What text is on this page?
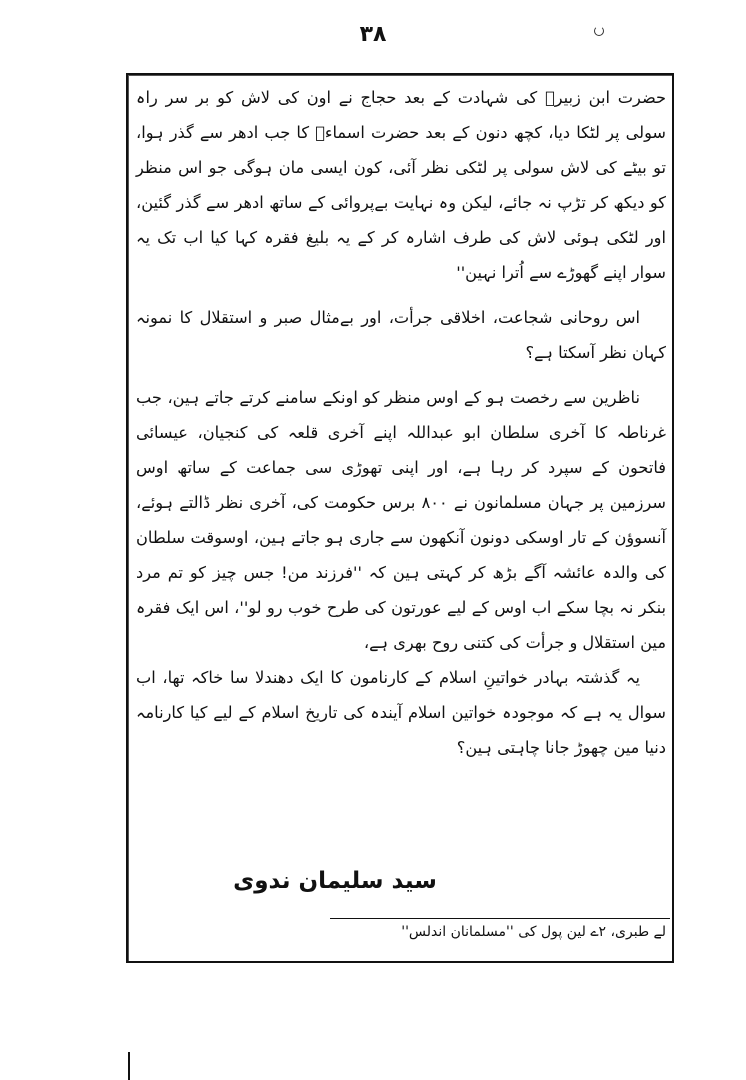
۳۸

حضرت ابن زبیرؓ کی شہادت کے بعد حجاج نے اون کی لاش کو بر سر راہ سولی پر لٹکا دیا، کچھ دنون کے بعد حضرت اسماءؓ کا جب ادھر سے گذر ہوا، تو بیٹے کی لاش سولی پر لٹکی نظر آئی، کون ایسی مان ہوگی جو اس منظر کو دیکھ کر تڑپ نہ جائے، لیکن وہ نہایت بےپروائی کے ساتھ ادھر سے گذر گئین، اور لٹکی ہوئی لاش کی طرف اشارہ کر کے یہ بلیغ فقرہ کہا کیا اب تک یہ سوار اپنے گھوڑے سے اُترا نہین''

اس روحانی شجاعت، اخلاقی جرأت، اور بےمثال صبر و استقلال کا نمونہ کہان نظر آسکتا ہے؟

ناظرین سے رخصت ہو کے اوس منظر کو اونکے سامنے کرتے جاتے ہین، جب غرناطہ کا آخری سلطان ابو عبداللہ اپنے آخری قلعہ کی کنجیان، عیسائی فاتحون کے سپرد کر رہا ہے، اور اپنی تھوڑی سی جماعت کے ساتھ اوس سرزمین پر جہان مسلمانون نے ۸۰۰ برس حکومت کی، آخری نظر ڈالتے ہوئے، آنسوؤن کے تار اوسکی دونون آنکھون سے جاری ہو جاتے ہین، اوسوقت سلطان کی والدہ عائشہ آگے بڑھ کر کہتی ہین کہ ''فرزند من! جس چیز کو تم مرد بنکر نہ بچا سکے اب اوس کے لیے عورتون کی طرح خوب رو لو''، اس ایک فقرہ مین استقلال و جرأت کی کتنی روح بھری ہے،

یہ گذشتہ بہادر خواتینِ اسلام کے کارنامون کا ایک دھندلا سا خاکہ تھا، اب سوال یہ ہے کہ موجودہ خواتین اسلام آیندہ کی تاریخ اسلام کے لیے کیا کارنامہ دنیا مین چھوڑ جانا چاہتی ہین؟

سید سلیمان ندوی
لے طبری، ۲ے لین پول کی ''مسلمانان اندلس''
